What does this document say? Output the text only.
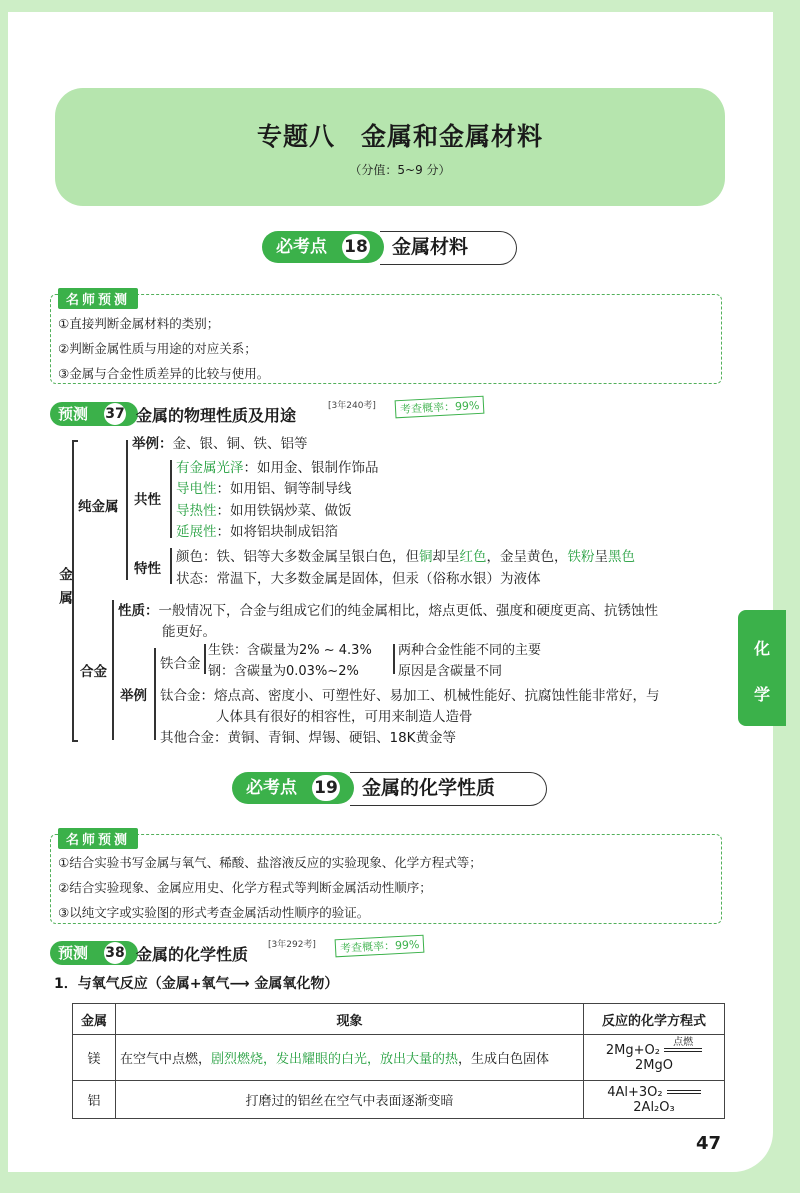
专题八　金属和金属材料
（分值：5~9 分）
必考点	18 金属材料
名师预测
①直接判断金属材料的类别；
②判断金属性质与用途的对应关系；
③金属与合金性质差异的比较与使用。
预测	37 金属的物理性质及用途	[3年240考]	考查概率：99%
金属
纯金属
举例：金、银、铜、铁、铝等
共性
有金属光泽：如用金、银制作饰品
导电性：如用铝、铜等制导线
导热性：如用铁锅炒菜、做饭
延展性：如将铝块制成铝箔
特性
颜色：铁、铝等大多数金属呈银白色，但铜却呈红色，金呈黄色，铁粉呈黑色
状态：常温下，大多数金属是固体，但汞（俗称水银）为液体
合金
性质：一般情况下，合金与组成它们的纯金属相比，熔点更低、强度和硬度更高、抗锈蚀性
能更好。
举例
铁合金
生铁：含碳量为2% ~ 4.3%
钢：含碳量为0.03%~2%
两种合金性能不同的主要
原因是含碳量不同
钛合金：熔点高、密度小、可塑性好、易加工、机械性能好、抗腐蚀性能非常好，与
人体具有很好的相容性，可用来制造人造骨
其他合金：黄铜、青铜、焊锡、硬铝、18K黄金等
必考点	19 金属的化学性质
名师预测
①结合实验书写金属与氧气、稀酸、盐溶液反应的实验现象、化学方程式等；
②结合实验现象、金属应用史、化学方程式等判断金属活动性顺序；
③以纯文字或实验图的形式考查金属活动性顺序的验证。
预测	38 金属的化学性质 [3年292考]	考查概率：99%
1．与氧气反应（金属+氧气⟶ 金属氧化物）
金属	现象	反应的化学方程式
镁	在空气中点燃，剧烈燃烧，发出耀眼的白光，放出大量的热，生成白色固体	2Mg+O₂ 点燃
2MgO
铝	打磨过的铝丝在空气中表面逐渐变暗	4Al+3O₂  2Al₂O₃
化
学
47
